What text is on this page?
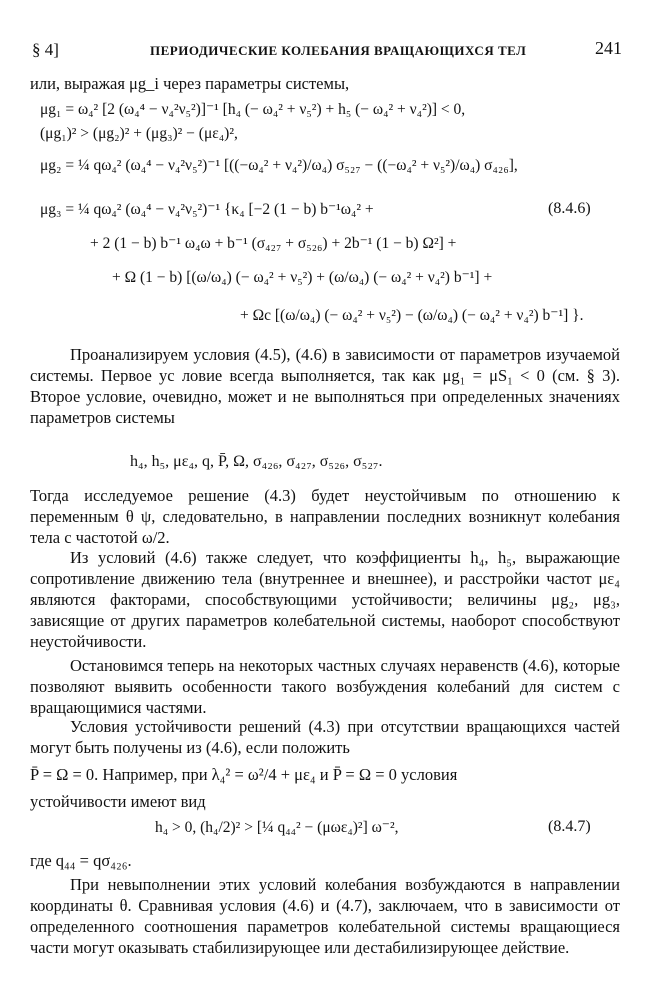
§ 4]	ПЕРИОДИЧЕСКИЕ КОЛЕБАНИЯ ВРАЩАЮЩИХСЯ ТЕЛ	241
или, выражая μg_i через параметры системы,
μg₁ = ω₄² [2 (ω₄⁴ − ν₄²ν₅²)]⁻¹ [h₄ (− ω₄² + ν₅²) + h₅ (− ω₄² + ν₄²)] < 0,
(μg₁)² > (μg₂)² + (μg₃)² − (με₄)²,
μg₂ = ¼ qω₄² (ω₄⁴ − ν₄²ν₅²)⁻¹ [((−ω₄² + ν₄²)/ω₄) σ₅₂₇ − ((−ω₄² + ν₅²)/ω₄) σ₄₂₆],
μg₃ = ¼ qω₄² (ω₄⁴ − ν₄²ν₅²)⁻¹ {κ₄ [−2 (1 − b) b⁻¹ω₄² +	(8.4.6)
+ 2 (1 − b) b⁻¹ ω₄ω + b⁻¹ (σ₄₂₇ + σ₅₂₆) + 2b⁻¹ (1 − b) Ω²] +
+ Ω (1 − b) [(ω/ω₄) (− ω₄² + ν₅²) + (ω/ω₄) (− ω₄² + ν₄²) b⁻¹] +
+ Ωc [(ω/ω₄) (− ω₄² + ν₅²) − (ω/ω₄) (− ω₄² + ν₄²) b⁻¹] }.

Проанализируем условия (4.5), (4.6) в зависимости от параметров изучаемой системы. Первое ус ловие всегда выполняется, так как μg₁ = μS₁ < 0 (см. § 3). Второе условие, очевидно, может и не выполняться при определенных значениях параметров системы

h₄, h₅, με₄, q, P̄, Ω, σ₄₂₆, σ₄₂₇, σ₅₂₆, σ₅₂₇.

Тогда исследуемое решение (4.3) будет неустойчивым по отношению к переменным θ ψ, следовательно, в направлении последних возникнут колебания тела с частотой ω/2.

Из условий (4.6) также следует, что коэффициенты h₄, h₅, выражающие сопротивление движению тела (внутреннее и внешнее), и расстройки частот με₄ являются факторами, способствующими устойчивости; величины μg₂, μg₃, зависящие от других параметров колебательной системы, наоборот способствуют неустойчивости.

Остановимся теперь на некоторых частных случаях неравенств (4.6), которые позволяют выявить особенности такого возбуждения колебаний для систем с вращающимися частями.

Условия устойчивости решений (4.3) при отсутствии вращающихся частей могут быть получены из (4.6), если положить

P̄ = Ω = 0. Например, при λ₄² = ω²/4 + με₄ и P̄ = Ω = 0 условия

устойчивости имеют вид

h₄ > 0, (h₄/2)² > [¼ q₄₄² − (μωε₄)²] ω⁻²,	(8.4.7)
где q₄₄ = qσ₄₂₆.

При невыполнении этих условий колебания возбуждаются в направлении координаты θ. Сравнивая условия (4.6) и (4.7), заключаем, что в зависимости от определенного соотношения параметров колебательной системы вращающиеся части могут оказывать стабилизирующее или дестабилизирующее действие.
